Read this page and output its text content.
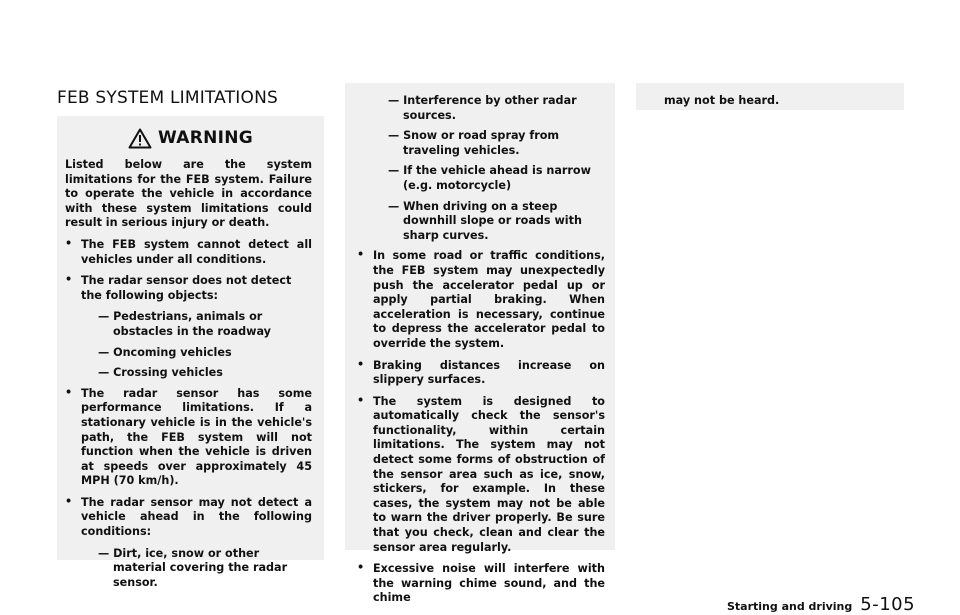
FEB SYSTEM LIMITATIONS
WARNING

Listed below are the system limitations for the FEB system. Failure to operate the vehicle in accordance with these system limitations could result in serious injury or death.

• The FEB system cannot detect all vehicles under all conditions.
• The radar sensor does not detect the following objects:
— Pedestrians, animals or obstacles in the roadway
— Oncoming vehicles
— Crossing vehicles
• The radar sensor has some performance limitations. If a stationary vehicle is in the vehicle's path, the FEB system will not function when the vehicle is driven at speeds over approximately 45 MPH (70 km/h).
• The radar sensor may not detect a vehicle ahead in the following conditions:
— Dirt, ice, snow or other material covering the radar sensor.
— Interference by other radar sources.
— Snow or road spray from traveling vehicles.
— If the vehicle ahead is narrow (e.g. motorcycle)
— When driving on a steep downhill slope or roads with sharp curves.
• In some road or traffic conditions, the FEB system may unexpectedly push the accelerator pedal up or apply partial braking. When acceleration is necessary, continue to depress the accelerator pedal to override the system.
• Braking distances increase on slippery surfaces.
• The system is designed to automatically check the sensor's functionality, within certain limitations. The system may not detect some forms of obstruction of the sensor area such as ice, snow, stickers, for example. In these cases, the system may not be able to warn the driver properly. Be sure that you check, clean and clear the sensor area regularly.
• Excessive noise will interfere with the warning chime sound, and the chime
may not be heard.
Starting and driving 5-105
